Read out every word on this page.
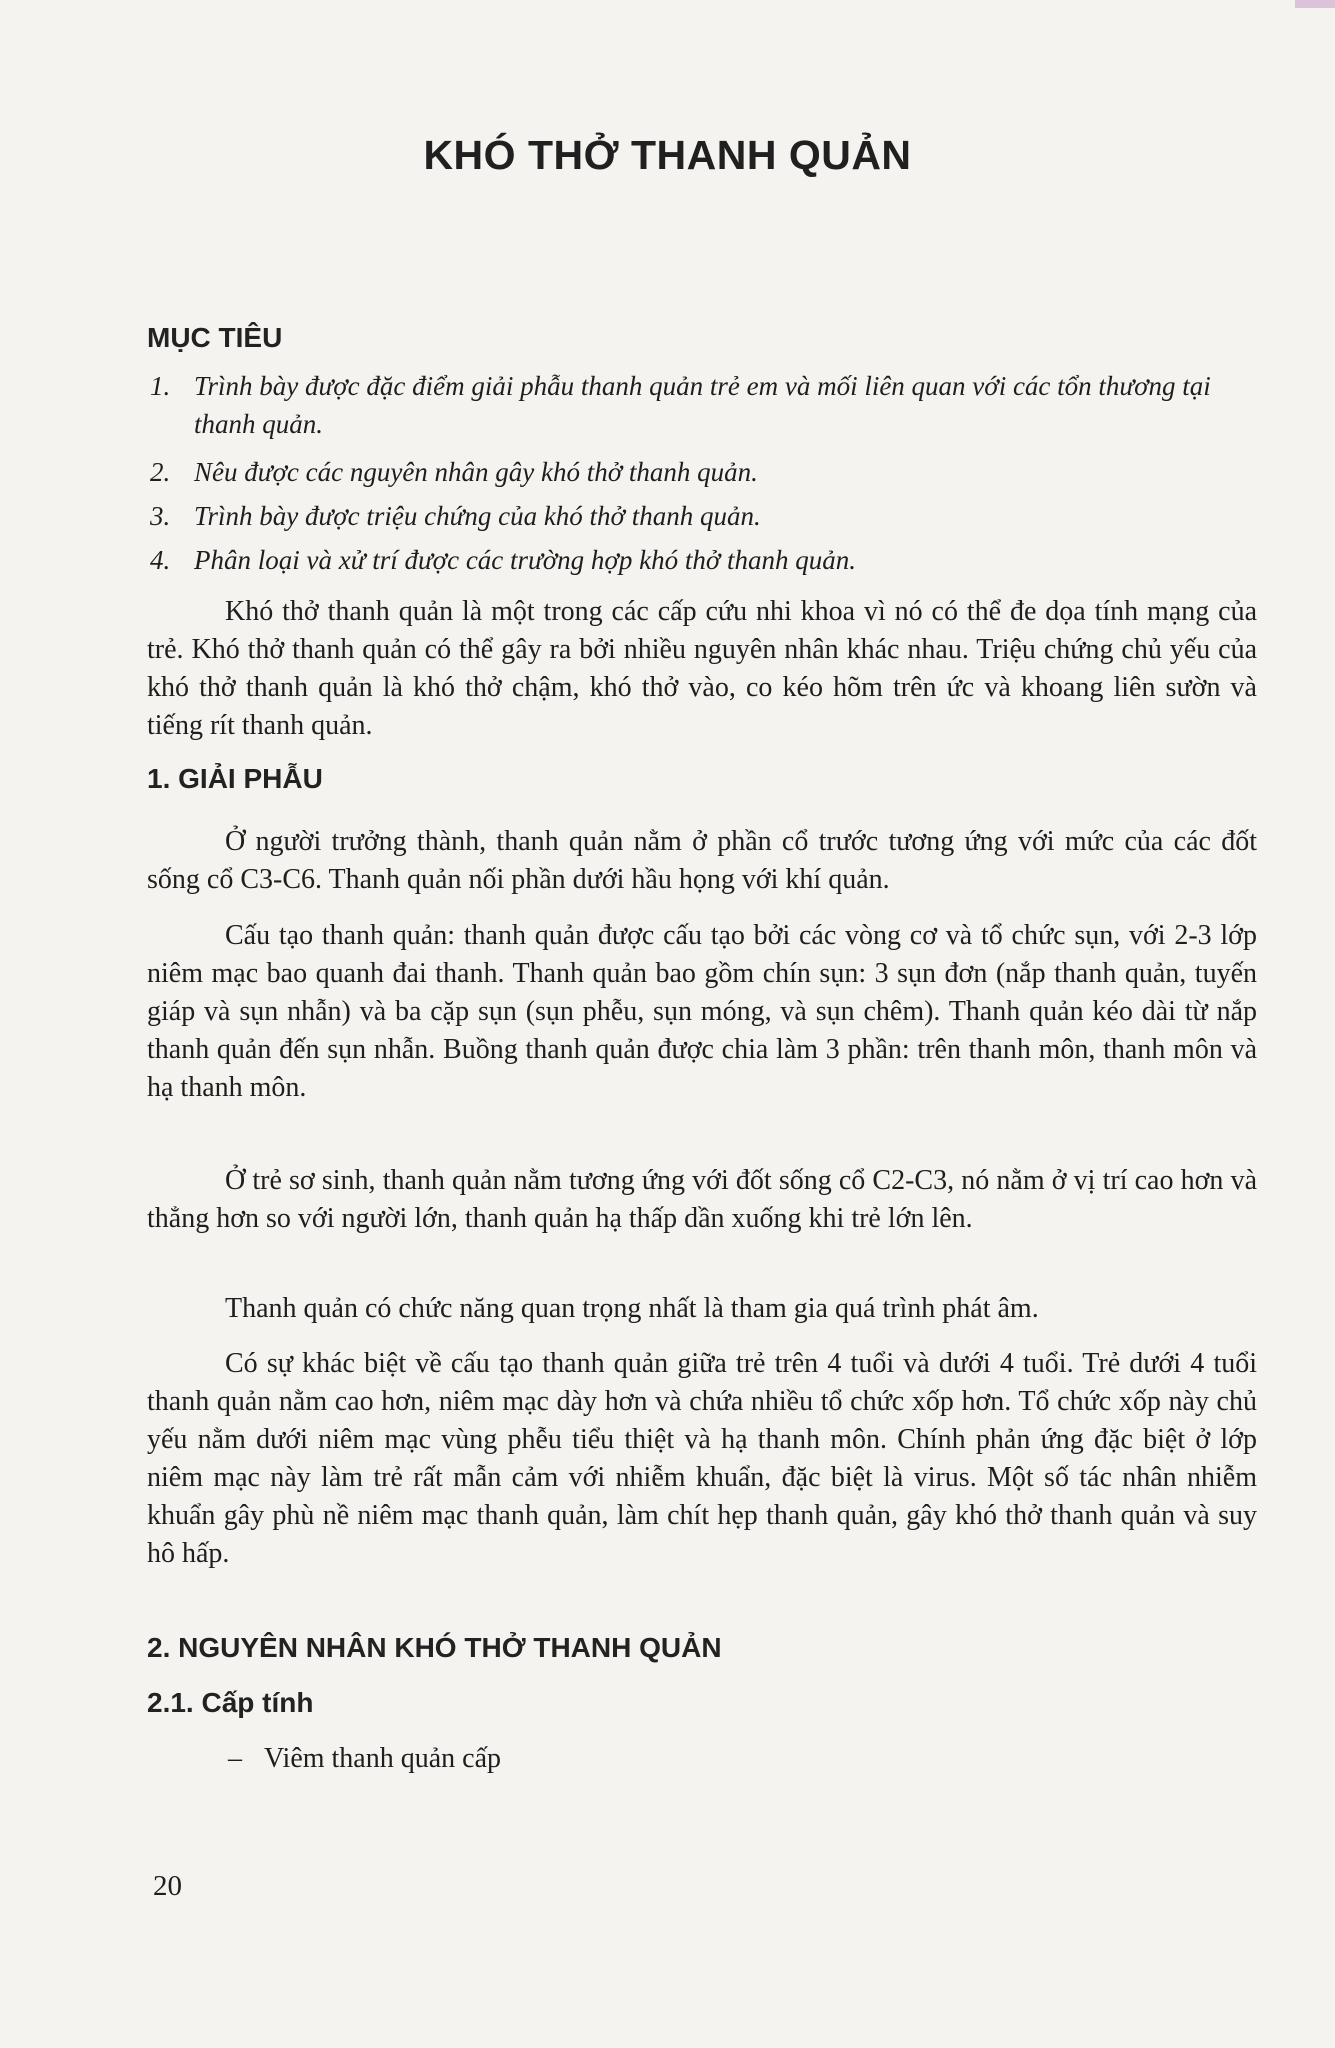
KHÓ THỞ THANH QUẢN
MỤC TIÊU
1. Trình bày được đặc điểm giải phẫu thanh quản trẻ em và mối liên quan với các tổn thương tại thanh quản.
2. Nêu được các nguyên nhân gây khó thở thanh quản.
3. Trình bày được triệu chứng của khó thở thanh quản.
4. Phân loại và xử trí được các trường hợp khó thở thanh quản.
Khó thở thanh quản là một trong các cấp cứu nhi khoa vì nó có thể đe dọa tính mạng của trẻ. Khó thở thanh quản có thể gây ra bởi nhiều nguyên nhân khác nhau. Triệu chứng chủ yếu của khó thở thanh quản là khó thở chậm, khó thở vào, co kéo hõm trên ức và khoang liên sườn và tiếng rít thanh quản.
1. GIẢI PHẪU
Ở người trưởng thành, thanh quản nằm ở phần cổ trước tương ứng với mức của các đốt sống cổ C3-C6. Thanh quản nối phần dưới hầu họng với khí quản.
Cấu tạo thanh quản: thanh quản được cấu tạo bởi các vòng cơ và tổ chức sụn, với 2-3 lớp niêm mạc bao quanh đai thanh. Thanh quản bao gồm chín sụn: 3 sụn đơn (nắp thanh quản, tuyến giáp và sụn nhẫn) và ba cặp sụn (sụn phễu, sụn móng, và sụn chêm). Thanh quản kéo dài từ nắp thanh quản đến sụn nhẫn. Buồng thanh quản được chia làm 3 phần: trên thanh môn, thanh môn và hạ thanh môn.
Ở trẻ sơ sinh, thanh quản nằm tương ứng với đốt sống cổ C2-C3, nó nằm ở vị trí cao hơn và thẳng hơn so với người lớn, thanh quản hạ thấp dần xuống khi trẻ lớn lên.
Thanh quản có chức năng quan trọng nhất là tham gia quá trình phát âm.
Có sự khác biệt về cấu tạo thanh quản giữa trẻ trên 4 tuổi và dưới 4 tuổi. Trẻ dưới 4 tuổi thanh quản nằm cao hơn, niêm mạc dày hơn và chứa nhiều tổ chức xốp hơn. Tổ chức xốp này chủ yếu nằm dưới niêm mạc vùng phễu tiểu thiệt và hạ thanh môn. Chính phản ứng đặc biệt ở lớp niêm mạc này làm trẻ rất mẫn cảm với nhiễm khuẩn, đặc biệt là virus. Một số tác nhân nhiễm khuẩn gây phù nề niêm mạc thanh quản, làm chít hẹp thanh quản, gây khó thở thanh quản và suy hô hấp.
2. NGUYÊN NHÂN KHÓ THỞ THANH QUẢN
2.1. Cấp tính
– Viêm thanh quản cấp
20
